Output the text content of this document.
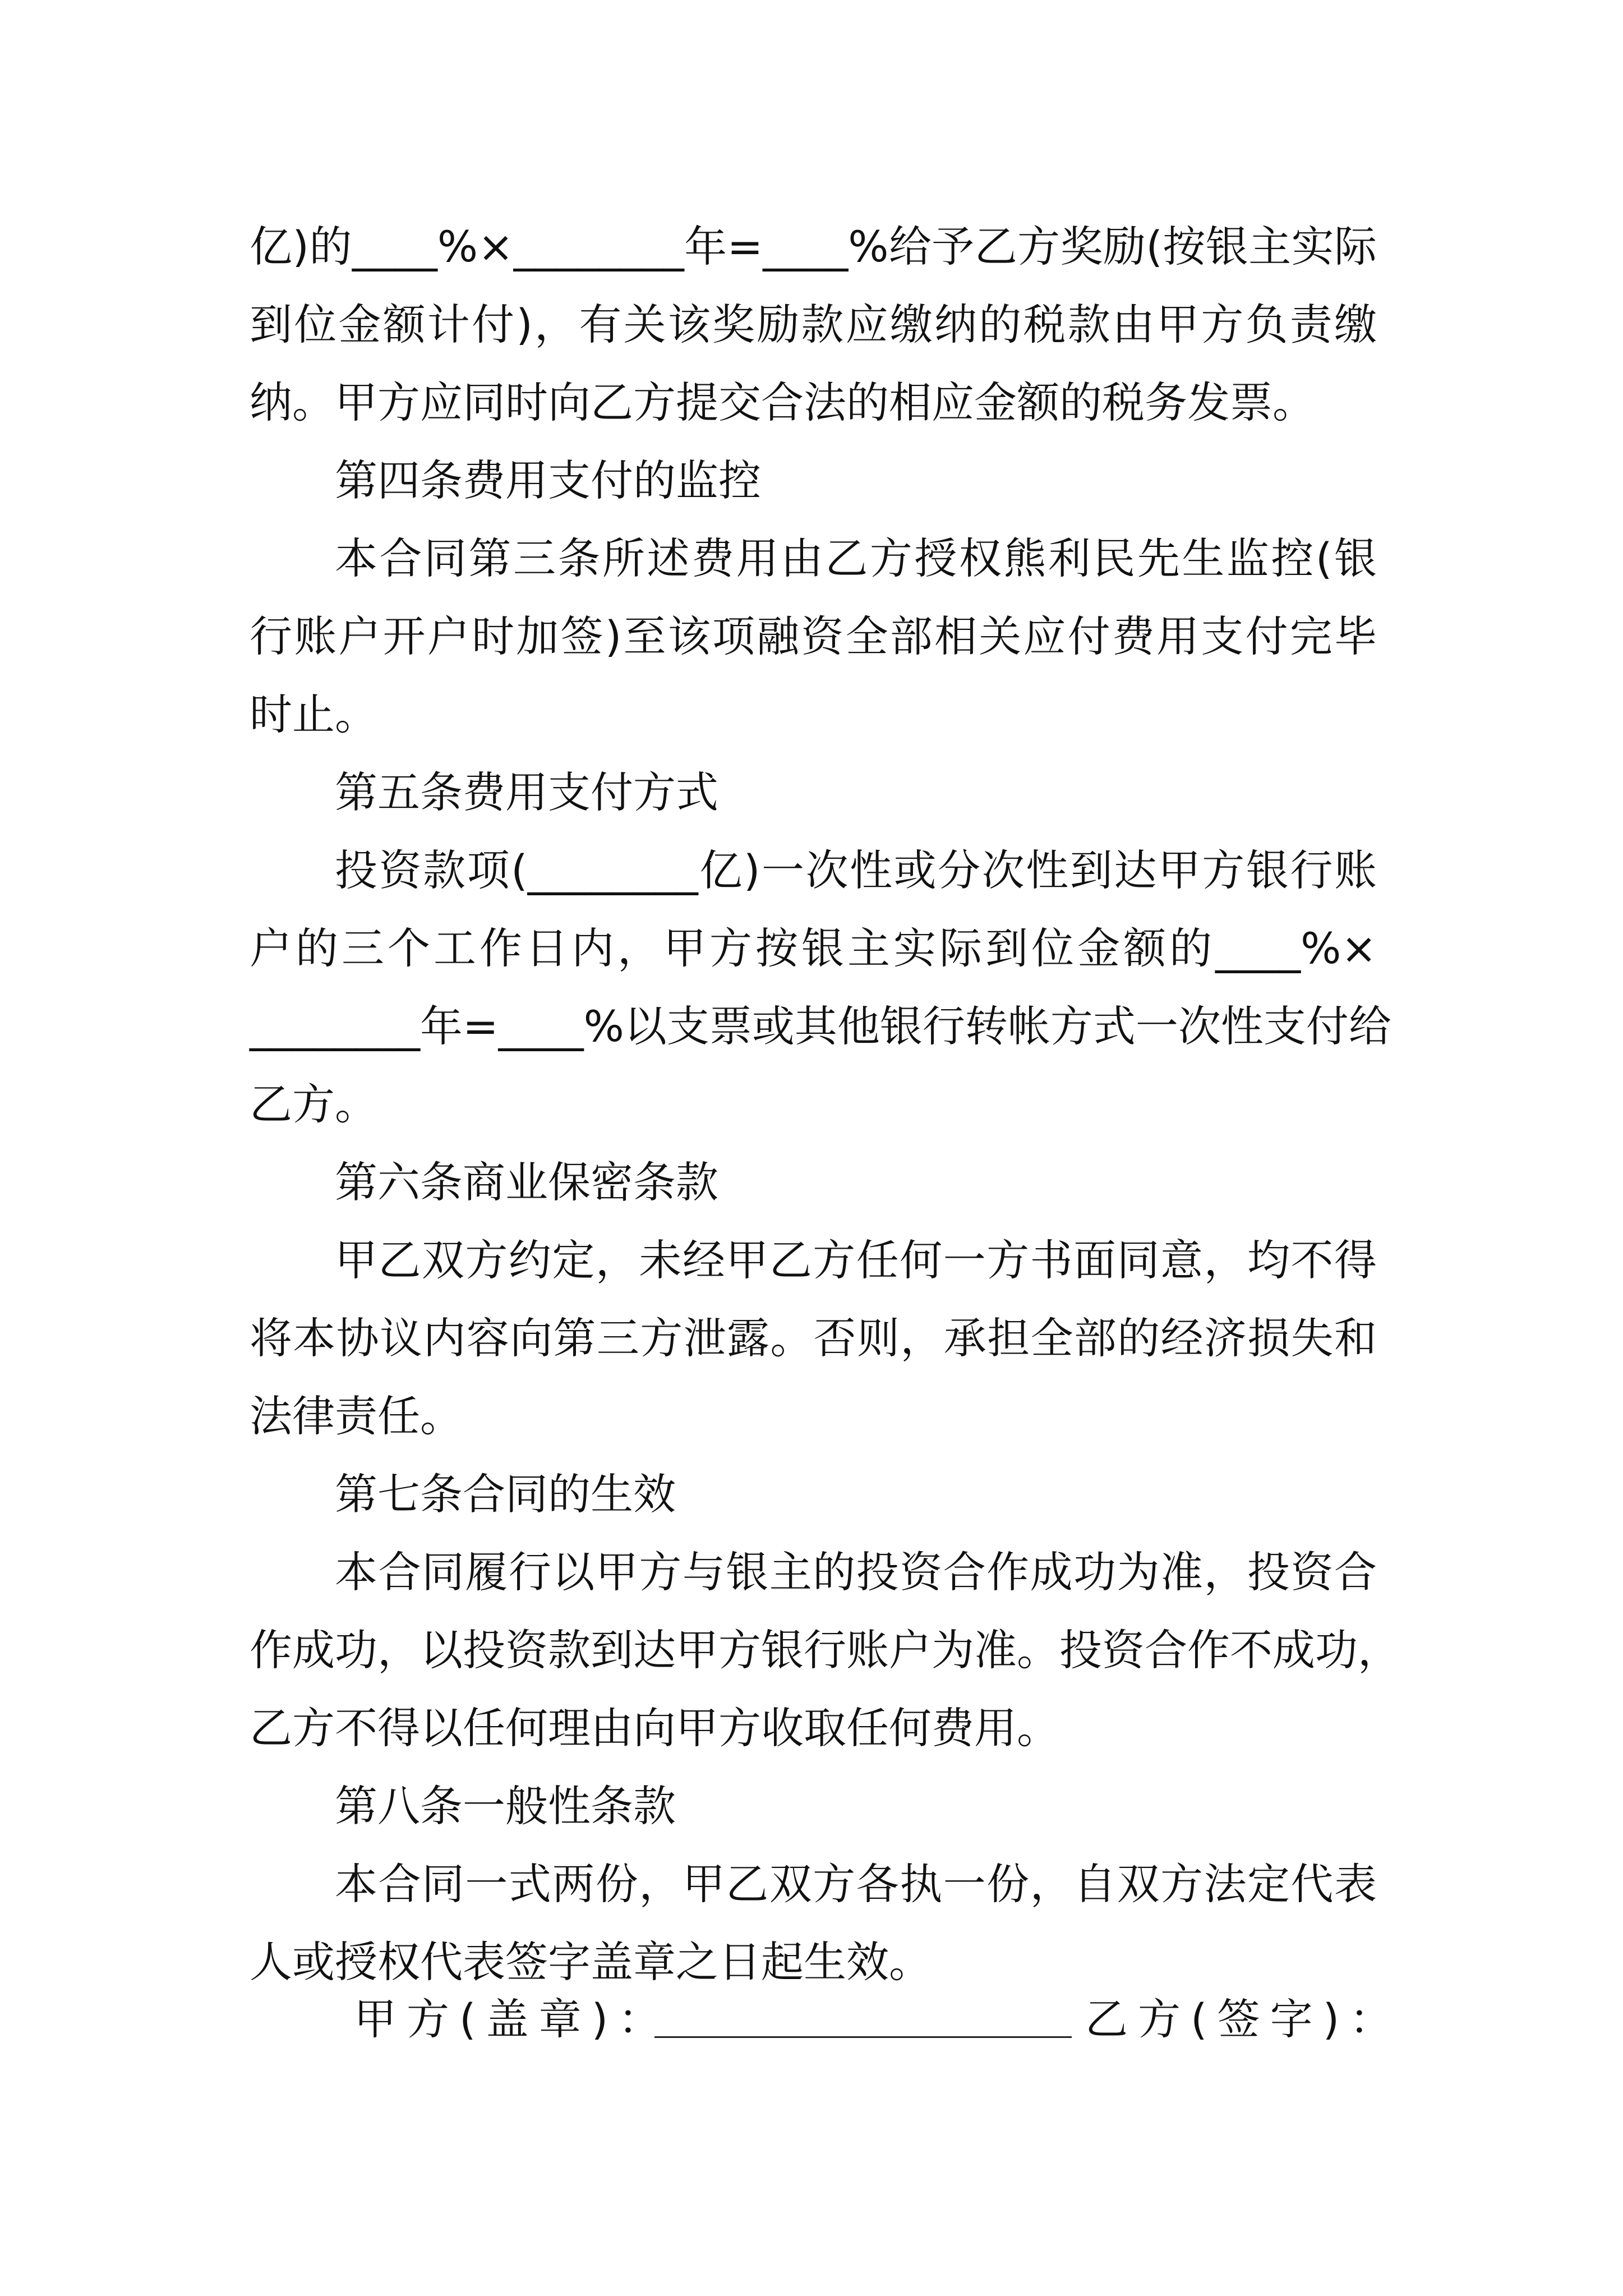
亿)的____%×________年=____%给予乙方奖励(按银主实际
到位金额计付)，有关该奖励款应缴纳的税款由甲方负责缴
纳。甲方应同时向乙方提交合法的相应金额的税务发票。
第四条费用支付的监控
本合同第三条所述费用由乙方授权熊利民先生监控(银
行账户开户时加签)至该项融资全部相关应付费用支付完毕
时止。
第五条费用支付方式
投资款项(________亿)一次性或分次性到达甲方银行账
户的三个工作日内，甲方按银主实际到位金额的____%×
________年=____%以支票或其他银行转帐方式一次性支付给
乙方。
第六条商业保密条款
甲乙双方约定，未经甲乙方任何一方书面同意，均不得
将本协议内容向第三方泄露。否则，承担全部的经济损失和
法律责任。
第七条合同的生效
本合同履行以甲方与银主的投资合作成功为准，投资合
作成功，以投资款到达甲方银行账户为准。投资合作不成功，
乙方不得以任何理由向甲方收取任何费用。
第八条一般性条款
本合同一式两份，甲乙双方各执一份，自双方法定代表
人或授权代表签字盖章之日起生效。
甲方(盖章)：	乙方(签字)：
